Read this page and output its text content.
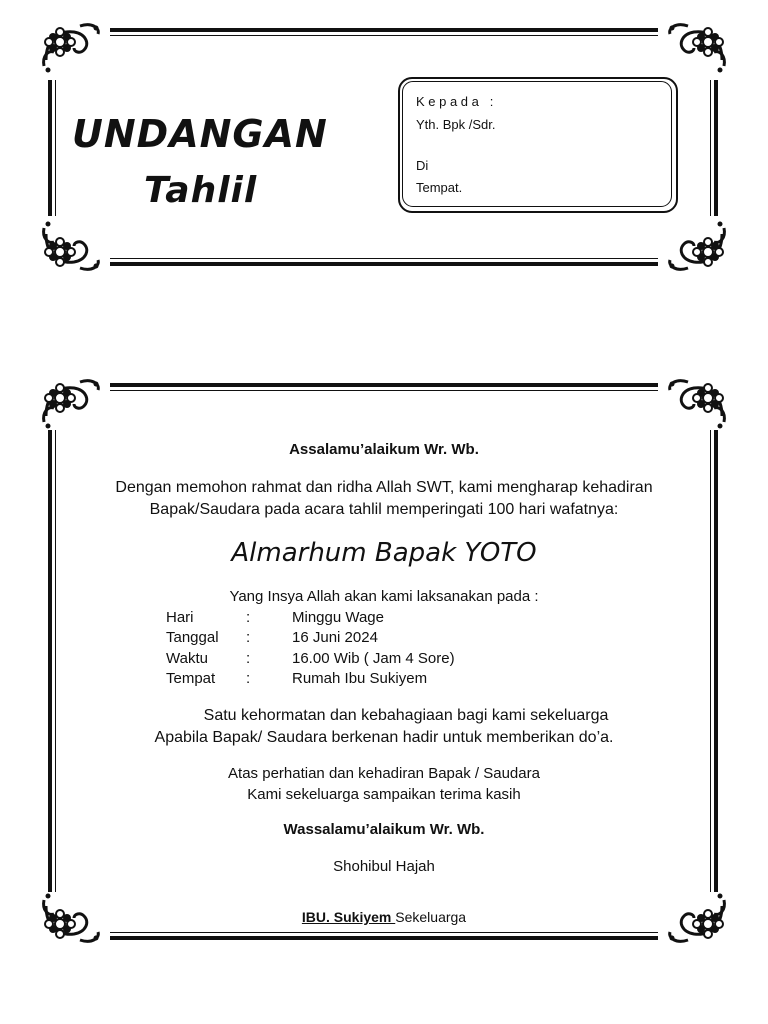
UNDANGAN
Tahlil
K e p a d a   :
Yth. Bpk /Sdr.
Di
Tempat.
Assalamu’alaikum Wr. Wb.
Dengan memohon rahmat dan ridha Allah SWT, kami mengharap kehadiran
Bapak/Saudara pada acara tahlil memperingati 100 hari wafatnya:
Almarhum Bapak YOTO
Yang Insya Allah akan kami laksanakan pada :
Hari	:	Minggu Wage
Tanggal :	16 Juni 2024
Waktu	:	16.00 Wib ( Jam 4 Sore)
Tempat :	Rumah Ibu Sukiyem
Satu kehormatan dan kebahagiaan bagi kami sekeluarga
Apabila Bapak/ Saudara berkenan hadir untuk memberikan do’a.
Atas perhatian dan kehadiran Bapak / Saudara
Kami sekeluarga sampaikan terima kasih
Wassalamu’alaikum Wr. Wb.
Shohibul Hajah
IBU. Sukiyem Sekeluarga
